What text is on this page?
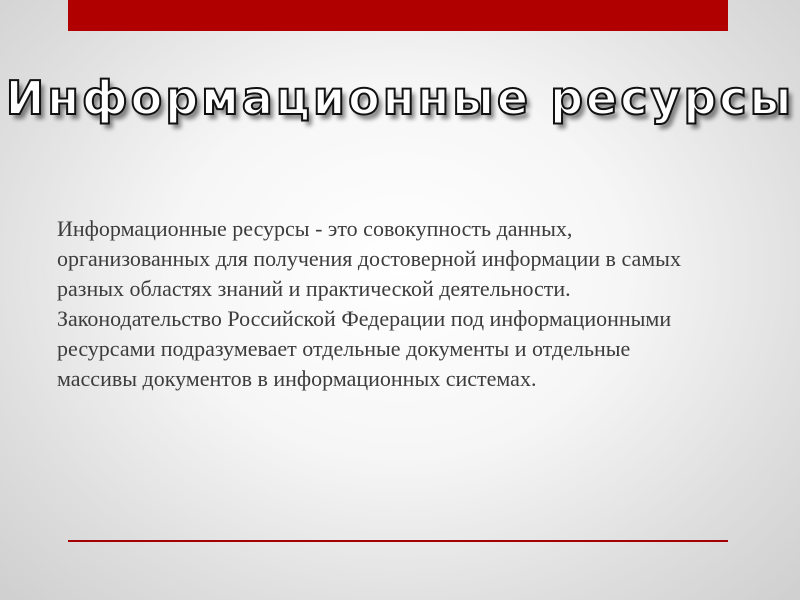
Информационные ресурсы

Информационные ресурсы - это совокупность данных, организованных для получения достоверной информации в самых разных областях знаний и практической деятельности. Законодательство Российской Федерации под информационными ресурсами подразумевает отдельные документы и отдельные массивы документов в информационных системах.
